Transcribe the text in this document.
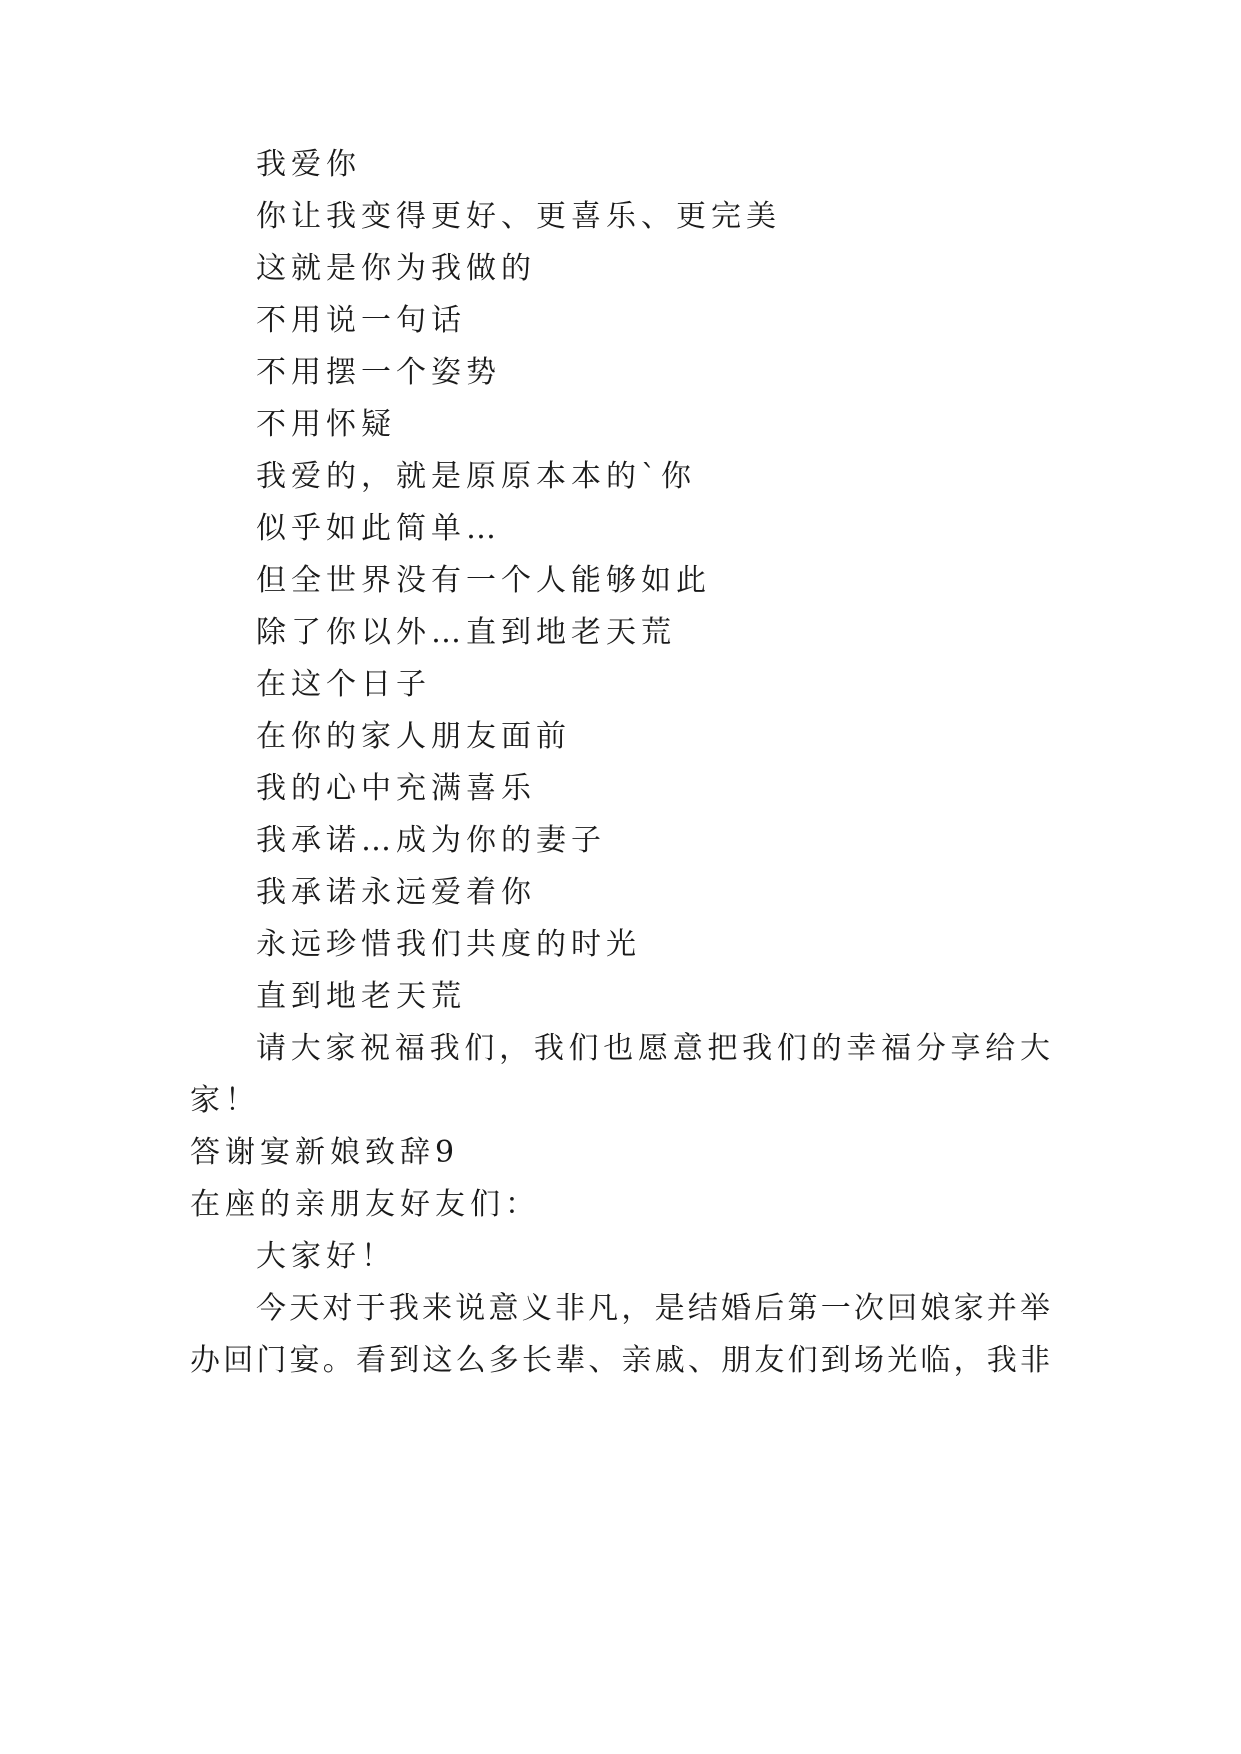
我爱你
你让我变得更好、更喜乐、更完美
这就是你为我做的
不用说一句话
不用摆一个姿势
不用怀疑
我爱的，就是原原本本的`你
似乎如此简单…
但全世界没有一个人能够如此
除了你以外…直到地老天荒
在这个日子
在你的家人朋友面前
我的心中充满喜乐
我承诺…成为你的妻子
我承诺永远爱着你
永远珍惜我们共度的时光
直到地老天荒
请大家祝福我们，我们也愿意把我们的幸福分享给大
家！
答谢宴新娘致辞9
在座的亲朋友好友们：
大家好！
今天对于我来说意义非凡，是结婚后第一次回娘家并举
办回门宴。看到这么多长辈、亲戚、朋友们到场光临，我非
